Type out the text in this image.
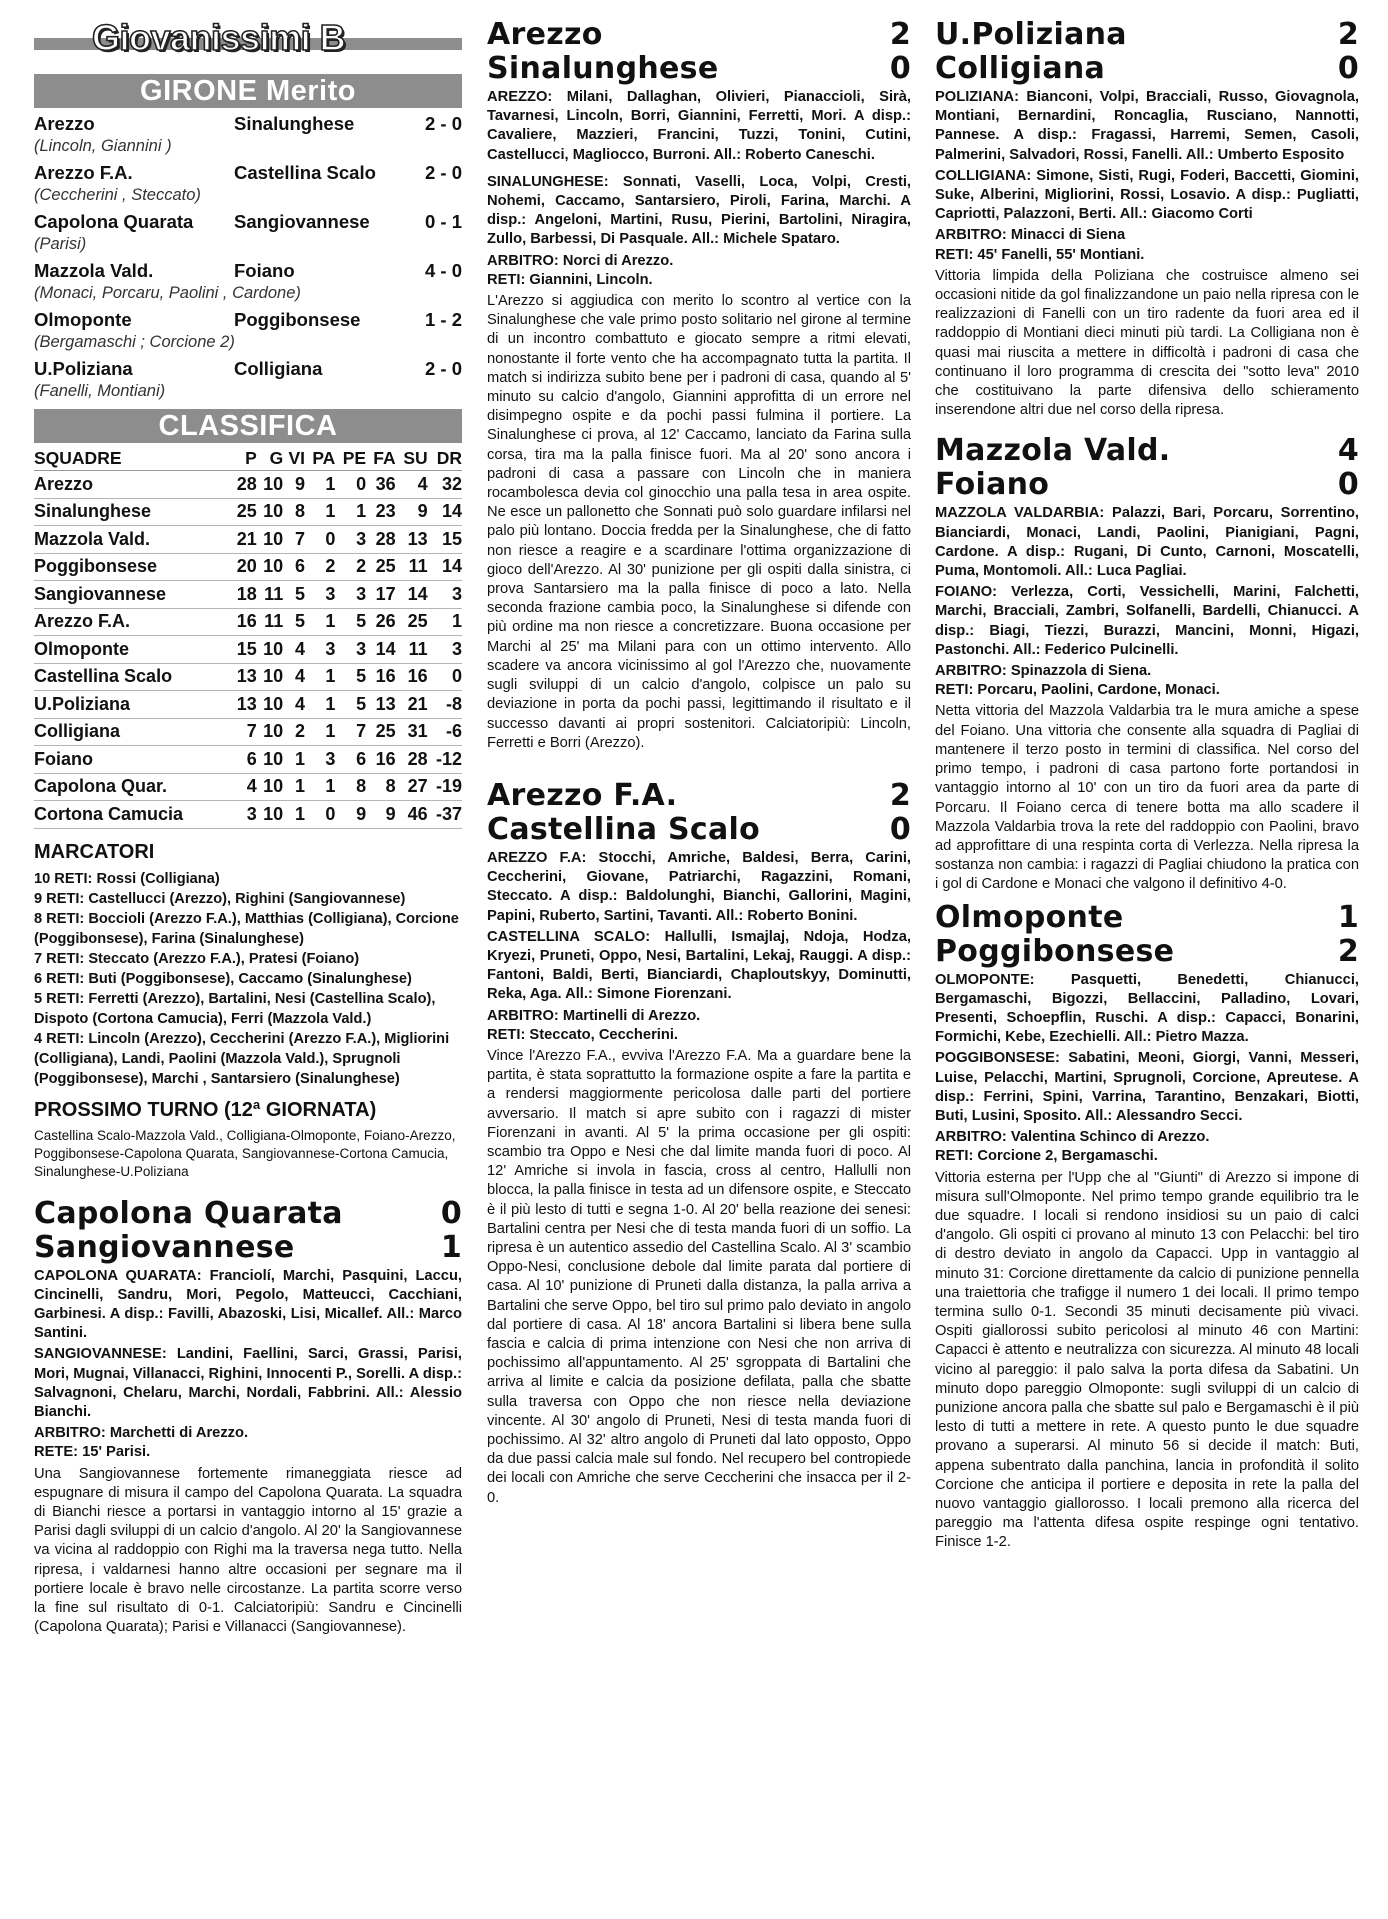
Giovanissimi B
GIRONE Merito
Arezzo	Sinalunghese	2 - 0
(Lincoln, Giannini )
Arezzo F.A.	Castellina Scalo	2 - 0
(Ceccherini , Steccato)
Capolona Quarata	Sangiovannese	0 - 1
(Parisi)
Mazzola Vald.	Foiano	4 - 0
(Monaci, Porcaru, Paolini , Cardone)
Olmoponte	Poggibonsese	1 - 2
(Bergamaschi ; Corcione 2)
U.Poliziana	Colligiana	2 - 0
(Fanelli, Montiani)
CLASSIFICA
SQUADRE	P	G	VI	PA	PE	FA	SU	DR
Arezzo	28	10	9	1	0	36	4	32
Sinalunghese	25	10	8	1	1	23	9	14
Mazzola Vald.	21	10	7	0	3	28	13	15
Poggibonsese	20	10	6	2	2	25	11	14
Sangiovannese	18	11	5	3	3	17	14	3
Arezzo F.A.	16	11	5	1	5	26	25	1
Olmoponte	15	10	4	3	3	14	11	3
Castellina Scalo	13	10	4	1	5	16	16	0
U.Poliziana	13	10	4	1	5	13	21	-8
Colligiana	7	10	2	1	7	25	31	-6
Foiano	6	10	1	3	6	16	28	-12
Capolona Quar.	4	10	1	1	8	8	27	-19
Cortona Camucia	3	10	1	0	9	9	46	-37
MARCATORI
10 RETI: Rossi (Colligiana)
9 RETI: Castellucci (Arezzo), Righini (Sangiovannese)
8 RETI: Boccioli (Arezzo F.A.), Matthias (Colligiana), Corcione (Poggibonsese), Farina (Sinalunghese)
7 RETI: Steccato (Arezzo F.A.), Pratesi (Foiano)
6 RETI: Buti (Poggibonsese), Caccamo (Sinalunghese)
5 RETI: Ferretti (Arezzo), Bartalini, Nesi (Castellina Scalo), Dispoto (Cortona Camucia), Ferri (Mazzola Vald.)
4 RETI: Lincoln (Arezzo), Ceccherini (Arezzo F.A.), Migliorini (Colligiana), Landi, Paolini (Mazzola Vald.), Sprugnoli (Poggibonsese), Marchi , Santarsiero (Sinalunghese)
PROSSIMO TURNO (12ª GIORNATA)
Castellina Scalo-Mazzola Vald., Colligiana-Olmoponte, Foiano-Arezzo, Poggibonsese-Capolona Quarata, Sangiovannese-Cortona Camucia, Sinalunghese-U.Poliziana
Capolona Quarata	0
Sangiovannese	1
CAPOLONA QUARATA: Franciolí, Marchi, Pasquini, Laccu, Cincinelli, Sandru, Mori, Pegolo, Matteucci, Cacchiani, Garbinesi. A disp.: Favilli, Abazoski, Lisi, Micallef. All.: Marco Santini.
SANGIOVANNESE: Landini, Faellini, Sarci, Grassi, Parisi, Mori, Mugnai, Villanacci, Righini, Innocenti P., Sorelli. A disp.: Salvagnoni, Chelaru, Marchi, Nordali, Fabbrini. All.: Alessio Bianchi.
ARBITRO: Marchetti di Arezzo.
RETE: 15' Parisi.
Una Sangiovannese fortemente rimaneggiata riesce ad espugnare di misura il campo del Capolona Quarata. La squadra di Bianchi riesce a portarsi in vantaggio intorno al 15' grazie a Parisi dagli sviluppi di un calcio d'angolo. Al 20' la Sangiovannese va vicina al raddoppio con Righi ma la traversa nega tutto. Nella ripresa, i valdarnesi hanno altre occasioni per segnare ma il portiere locale è bravo nelle circostanze. La partita scorre verso la fine sul risultato di 0-1. Calciatoripiù: Sandru e Cincinelli (Capolona Quarata); Parisi e Villanacci (Sangiovannese).
Arezzo	2
Sinalunghese	0
AREZZO: Milani, Dallaghan, Olivieri, Pianaccioli, Sirà, Tavarnesi, Lincoln, Borri, Giannini, Ferretti, Mori. A disp.: Cavaliere, Mazzieri, Francini, Tuzzi, Tonini, Cutini, Castellucci, Magliocco, Burroni. All.: Roberto Caneschi.
SINALUNGHESE: Sonnati, Vaselli, Loca, Volpi, Cresti, Nohemi, Caccamo, Santarsiero, Piroli, Farina, Marchi. A disp.: Angeloni, Martini, Rusu, Pierini, Bartolini, Niragira, Zullo, Barbessi, Di Pasquale. All.: Michele Spataro.
ARBITRO: Norci di Arezzo.
RETI: Giannini, Lincoln.
L'Arezzo si aggiudica con merito lo scontro al vertice con la Sinalunghese che vale primo posto solitario nel girone al termine di un incontro combattuto e giocato sempre a ritmi elevati, nonostante il forte vento che ha accompagnato tutta la partita. Il match si indirizza subito bene per i padroni di casa, quando al 5' minuto su calcio d'angolo, Giannini approfitta di un errore nel disimpegno ospite e da pochi passi fulmina il portiere. La Sinalunghese ci prova, al 12' Caccamo, lanciato da Farina sulla corsa, tira ma la palla finisce fuori. Ma al 20' sono ancora i padroni di casa a passare con Lincoln che in maniera rocambolesca devia col ginocchio una palla tesa in area ospite. Ne esce un pallonetto che Sonnati può solo guardare infilarsi nel palo più lontano. Doccia fredda per la Sinalunghese, che di fatto non riesce a reagire e a scardinare l'ottima organizzazione di gioco dell'Arezzo. Al 30' punizione per gli ospiti dalla sinistra, ci prova Santarsiero ma la palla finisce di poco a lato. Nella seconda frazione cambia poco, la Sinalunghese si difende con più ordine ma non riesce a concretizzare. Buona occasione per Marchi al 25' ma Milani para con un ottimo intervento. Allo scadere va ancora vicinissimo al gol l'Arezzo che, nuovamente sugli sviluppi di un calcio d'angolo, colpisce un palo su deviazione in porta da pochi passi, legittimando il risultato e il successo davanti ai propri sostenitori. Calciatoripiù: Lincoln, Ferretti e Borri (Arezzo).
Arezzo F.A.	2
Castellina Scalo	0
AREZZO F.A: Stocchi, Amriche, Baldesi, Berra, Carini, Ceccherini, Giovane, Patriarchi, Ragazzini, Romani, Steccato. A disp.: Baldolunghi, Bianchi, Gallorini, Magini, Papini, Ruberto, Sartini, Tavanti. All.: Roberto Bonini.
CASTELLINA SCALO: Hallulli, Ismajlaj, Ndoja, Hodza, Kryezi, Pruneti, Oppo, Nesi, Bartalini, Lekaj, Rauggi. A disp.: Fantoni, Baldi, Berti, Bianciardi, Chaploutskyy, Dominutti, Reka, Aga. All.: Simone Fiorenzani.
ARBITRO: Martinelli di Arezzo.
RETI: Steccato, Ceccherini.
Vince l'Arezzo F.A., evviva l'Arezzo F.A. Ma a guardare bene la partita, è stata soprattutto la formazione ospite a fare la partita e a rendersi maggiormente pericolosa dalle parti del portiere avversario. Il match si apre subito con i ragazzi di mister Fiorenzani in avanti. Al 5' la prima occasione per gli ospiti: scambio tra Oppo e Nesi che dal limite manda fuori di poco. Al 12' Amriche si invola in fascia, cross al centro, Hallulli non blocca, la palla finisce in testa ad un difensore ospite, e Steccato è il più lesto di tutti e segna 1-0. Al 20' bella reazione dei senesi: Bartalini centra per Nesi che di testa manda fuori di un soffio. La ripresa è un autentico assedio del Castellina Scalo. Al 3' scambio Oppo-Nesi, conclusione debole dal limite parata dal portiere di casa. Al 10' punizione di Pruneti dalla distanza, la palla arriva a Bartalini che serve Oppo, bel tiro sul primo palo deviato in angolo dal portiere di casa. Al 18' ancora Bartalini si libera bene sulla fascia e calcia di prima intenzione con Nesi che non arriva di pochissimo all'appuntamento. Al 25' sgroppata di Bartalini che arriva al limite e calcia da posizione defilata, palla che sbatte sulla traversa con Oppo che non riesce nella deviazione vincente. Al 30' angolo di Pruneti, Nesi di testa manda fuori di pochissimo. Al 32' altro angolo di Pruneti dal lato opposto, Oppo da due passi calcia male sul fondo. Nel recupero bel contropiede dei locali con Amriche che serve Ceccherini che insacca per il 2-0.
U.Poliziana	2
Colligiana	0
POLIZIANA: Bianconi, Volpi, Bracciali, Russo, Giovagnola, Montiani, Bernardini, Roncaglia, Rusciano, Nannotti, Pannese. A disp.: Fragassi, Harremi, Semen, Casoli, Palmerini, Salvadori, Rossi, Fanelli. All.: Umberto Esposito
COLLIGIANA: Simone, Sisti, Rugi, Foderi, Baccetti, Giomini, Suke, Alberini, Migliorini, Rossi, Losavio. A disp.: Pugliatti, Capriotti, Palazzoni, Berti. All.: Giacomo Corti
ARBITRO: Minacci di Siena
RETI: 45' Fanelli, 55' Montiani.
Vittoria limpida della Poliziana che costruisce almeno sei occasioni nitide da gol finalizzandone un paio nella ripresa con le realizzazioni di Fanelli con un tiro radente da fuori area ed il raddoppio di Montiani dieci minuti più tardi. La Colligiana non è quasi mai riuscita a mettere in difficoltà i padroni di casa che continuano il loro programma di crescita dei "sotto leva" 2010 che costituivano la parte difensiva dello schieramento inserendone altri due nel corso della ripresa.
Mazzola Vald.	4
Foiano	0
MAZZOLA VALDARBIA: Palazzi, Bari, Porcaru, Sorrentino, Bianciardi, Monaci, Landi, Paolini, Pianigiani, Pagni, Cardone. A disp.: Rugani, Di Cunto, Carnoni, Moscatelli, Puma, Montomoli. All.: Luca Pagliai.
FOIANO: Verlezza, Corti, Vessichelli, Marini, Falchetti, Marchi, Bracciali, Zambri, Solfanelli, Bardelli, Chianucci. A disp.: Biagi, Tiezzi, Burazzi, Mancini, Monni, Higazi, Pastonchi. All.: Federico Pulcinelli.
ARBITRO: Spinazzola di Siena.
RETI: Porcaru, Paolini, Cardone, Monaci.
Netta vittoria del Mazzola Valdarbia tra le mura amiche a spese del Foiano. Una vittoria che consente alla squadra di Pagliai di mantenere il terzo posto in termini di classifica. Nel corso del primo tempo, i padroni di casa partono forte portandosi in vantaggio intorno al 10' con un tiro da fuori area da parte di Porcaru. Il Foiano cerca di tenere botta ma allo scadere il Mazzola Valdarbia trova la rete del raddoppio con Paolini, bravo ad approfittare di una respinta corta di Verlezza. Nella ripresa la sostanza non cambia: i ragazzi di Pagliai chiudono la pratica con i gol di Cardone e Monaci che valgono il definitivo 4-0.
Olmoponte	1
Poggibonsese	2
OLMOPONTE: Pasquetti, Benedetti, Chianucci, Bergamaschi, Bigozzi, Bellaccini, Palladino, Lovari, Presenti, Schoepflin, Ruschi. A disp.: Capacci, Bonarini, Formichi, Kebe, Ezechielli. All.: Pietro Mazza.
POGGIBONSESE: Sabatini, Meoni, Giorgi, Vanni, Messeri, Luise, Pelacchi, Martini, Sprugnoli, Corcione, Apreutese. A disp.: Ferrini, Spini, Varrina, Tarantino, Benzakari, Biotti, Buti, Lusini, Sposito. All.: Alessandro Secci.
ARBITRO: Valentina Schinco di Arezzo.
RETI: Corcione 2, Bergamaschi.
Vittoria esterna per l'Upp che al "Giunti" di Arezzo si impone di misura sull'Olmoponte. Nel primo tempo grande equilibrio tra le due squadre. I locali si rendono insidiosi su un paio di calci d'angolo. Gli ospiti ci provano al minuto 13 con Pelacchi: bel tiro di destro deviato in angolo da Capacci. Upp in vantaggio al minuto 31: Corcione direttamente da calcio di punizione pennella una traiettoria che trafigge il numero 1 dei locali. Il primo tempo termina sullo 0-1. Secondi 35 minuti decisamente più vivaci. Ospiti giallorossi subito pericolosi al minuto 46 con Martini: Capacci è attento e neutralizza con sicurezza. Al minuto 48 locali vicino al pareggio: il palo salva la porta difesa da Sabatini. Un minuto dopo pareggio Olmoponte: sugli sviluppi di un calcio di punizione ancora palla che sbatte sul palo e Bergamaschi è il più lesto di tutti a mettere in rete. A questo punto le due squadre provano a superarsi. Al minuto 56 si decide il match: Buti, appena subentrato dalla panchina, lancia in profondità il solito Corcione che anticipa il portiere e deposita in rete la palla del nuovo vantaggio giallorosso. I locali premono alla ricerca del pareggio ma l'attenta difesa ospite respinge ogni tentativo. Finisce 1-2.
